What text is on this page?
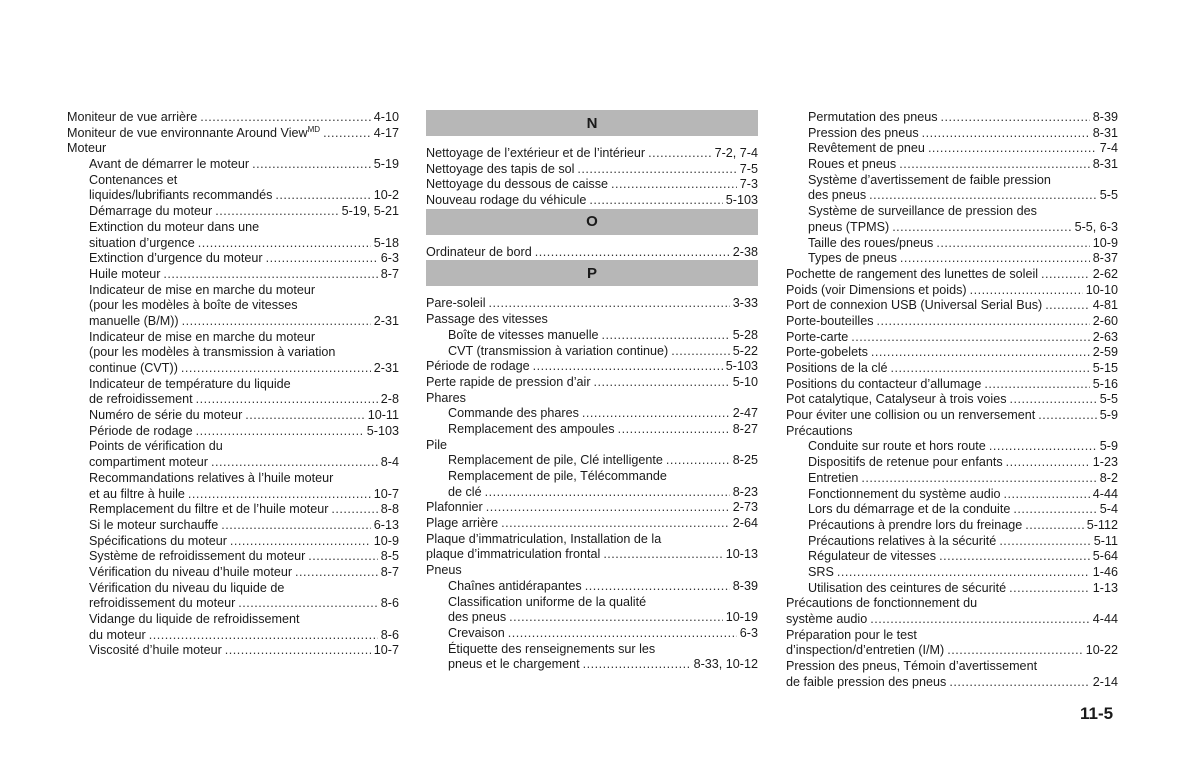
Moniteur de vue arrière .....	4-10
Moniteur de vue environnante Around View$^{MD}$ .....	4-17
Moteur
Avant de démarrer le moteur .....	5-19
Contenances et
liquides/lubrifiants recommandés .....	10-2
Démarrage du moteur .....	5-19, 5-21
Extinction du moteur dans une
situation d’urgence .....	5-18
Extinction d’urgence du moteur .....	6-3
Huile moteur .....	8-7
Indicateur de mise en marche du moteur
(pour les modèles à boîte de vitesses
manuelle (B/M)) .....	2-31
Indicateur de mise en marche du moteur
(pour les modèles à transmission à variation
continue (CVT)) .....	2-31
Indicateur de température du liquide
de refroidissement .....	2-8
Numéro de série du moteur .....	10-11
Période de rodage .....	5-103
Points de vérification du
compartiment moteur .....	8-4
Recommandations relatives à l’huile moteur
et au filtre à huile .....	10-7
Remplacement du filtre et de l’huile moteur .....	8-8
Si le moteur surchauffe .....	6-13
Spécifications du moteur .....	10-9
Système de refroidissement du moteur .....	8-5
Vérification du niveau d’huile moteur .....	8-7
Vérification du niveau du liquide de
refroidissement du moteur .....	8-6
Vidange du liquide de refroidissement
du moteur .....	8-6
Viscosité d’huile moteur .....	10-7
N
Nettoyage de l’extérieur et de l’intérieur .....	7-2, 7-4
Nettoyage des tapis de sol .....	7-5
Nettoyage du dessous de caisse .....	7-3
Nouveau rodage du véhicule .....	5-103
O
Ordinateur de bord .....	2-38
P
Pare-soleil .....	3-33
Passage des vitesses
Boîte de vitesses manuelle .....	5-28
CVT (transmission à variation continue) .....	5-22
Période de rodage .....	5-103
Perte rapide de pression d’air .....	5-10
Phares
Commande des phares .....	2-47
Remplacement des ampoules .....	8-27
Pile
Remplacement de pile, Clé intelligente .....	8-25
Remplacement de pile, Télécommande
de clé .....	8-23
Plafonnier .....	2-73
Plage arrière .....	2-64
Plaque d’immatriculation, Installation de la
plaque d’immatriculation frontal .....	10-13
Pneus
Chaînes antidérapantes .....	8-39
Classification uniforme de la qualité
des pneus .....	10-19
Crevaison .....	6-3
Étiquette des renseignements sur les
pneus et le chargement .....	8-33, 10-12
Permutation des pneus .....	8-39
Pression des pneus .....	8-31
Revêtement de pneu .....	7-4
Roues et pneus .....	8-31
Système d’avertissement de faible pression
des pneus .....	5-5
Système de surveillance de pression des
pneus (TPMS) .....	5-5, 6-3
Taille des roues/pneus .....	10-9
Types de pneus .....	8-37
Pochette de rangement des lunettes de soleil .....	2-62
Poids (voir Dimensions et poids) .....	10-10
Port de connexion USB (Universal Serial Bus) .....	4-81
Porte-bouteilles .....	2-60
Porte-carte .....	2-63
Porte-gobelets .....	2-59
Positions de la clé .....	5-15
Positions du contacteur d’allumage .....	5-16
Pot catalytique, Catalyseur à trois voies .....	5-5
Pour éviter une collision ou un renversement .....	5-9
Précautions
Conduite sur route et hors route .....	5-9
Dispositifs de retenue pour enfants .....	1-23
Entretien .....	8-2
Fonctionnement du système audio .....	4-44
Lors du démarrage et de la conduite .....	5-4
Précautions à prendre lors du freinage .....	5-112
Précautions relatives à la sécurité .....	5-11
Régulateur de vitesses .....	5-64
SRS .....	1-46
Utilisation des ceintures de sécurité .....	1-13
Précautions de fonctionnement du
système audio .....	4-44
Préparation pour le test
d’inspection/d’entretien (I/M) .....	10-22
Pression des pneus, Témoin d’avertissement
de faible pression des pneus .....	2-14
11-5
